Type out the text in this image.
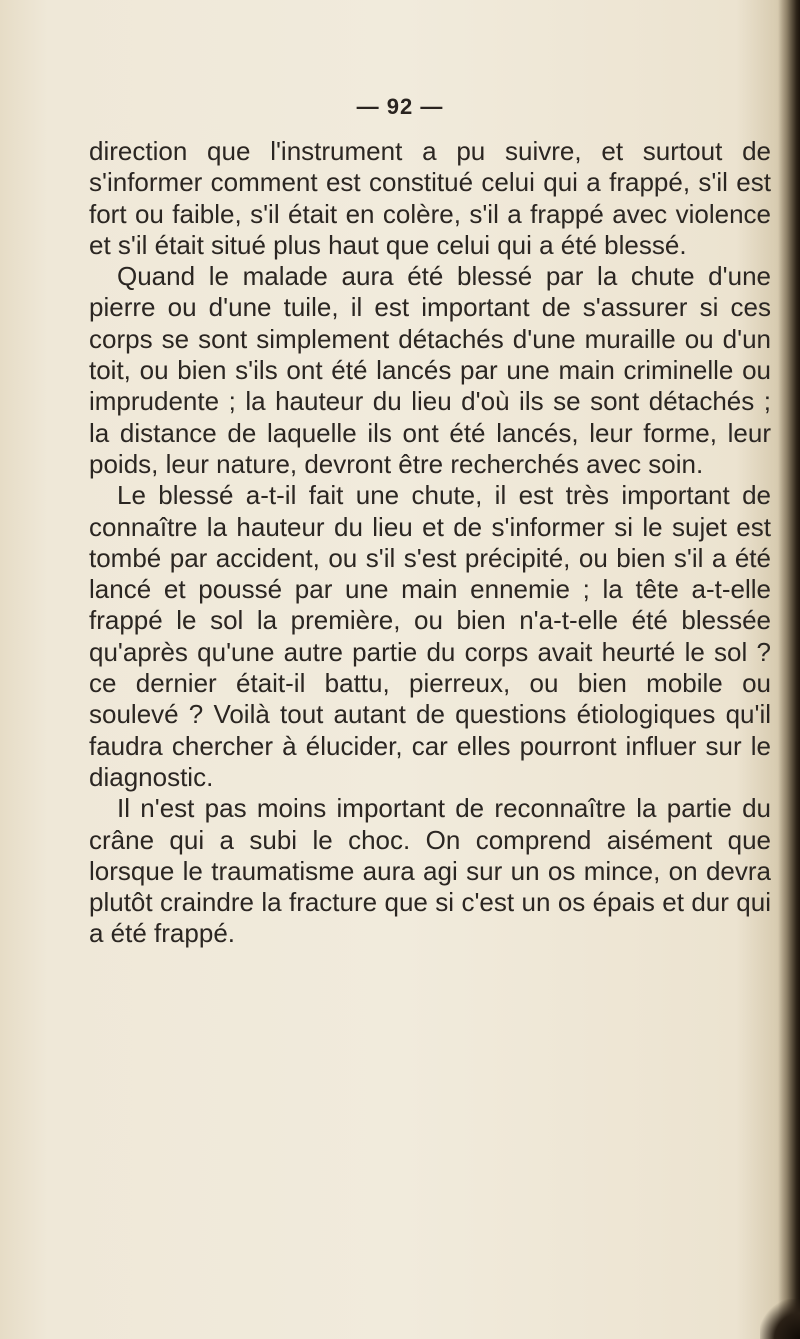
— 92 —

direction que l'instrument a pu suivre, et surtout de s'informer comment est constitué celui qui a frappé, s'il est fort ou faible, s'il était en colère, s'il a frappé avec violence et s'il était situé plus haut que celui qui a été blessé.

Quand le malade aura été blessé par la chute d'une pierre ou d'une tuile, il est important de s'assurer si ces corps se sont simplement détachés d'une muraille ou d'un toit, ou bien s'ils ont été lancés par une main criminelle ou imprudente ; la hauteur du lieu d'où ils se sont détachés ; la distance de laquelle ils ont été lancés, leur forme, leur poids, leur nature, devront être recherchés avec soin.

Le blessé a-t-il fait une chute, il est très important de connaître la hauteur du lieu et de s'informer si le sujet est tombé par accident, ou s'il s'est précipité, ou bien s'il a été lancé et poussé par une main ennemie ; la tête a-t-elle frappé le sol la première, ou bien n'a-t-elle été blessée qu'après qu'une autre partie du corps avait heurté le sol ? ce dernier était-il battu, pierreux, ou bien mobile ou soulevé ? Voilà tout autant de questions étiologiques qu'il faudra chercher à élucider, car elles pourront influer sur le diagnostic.

Il n'est pas moins important de reconnaître la partie du crâne qui a subi le choc. On comprend aisément que lorsque le traumatisme aura agi sur un os mince, on devra plutôt craindre la fracture que si c'est un os épais et dur qui a été frappé.
